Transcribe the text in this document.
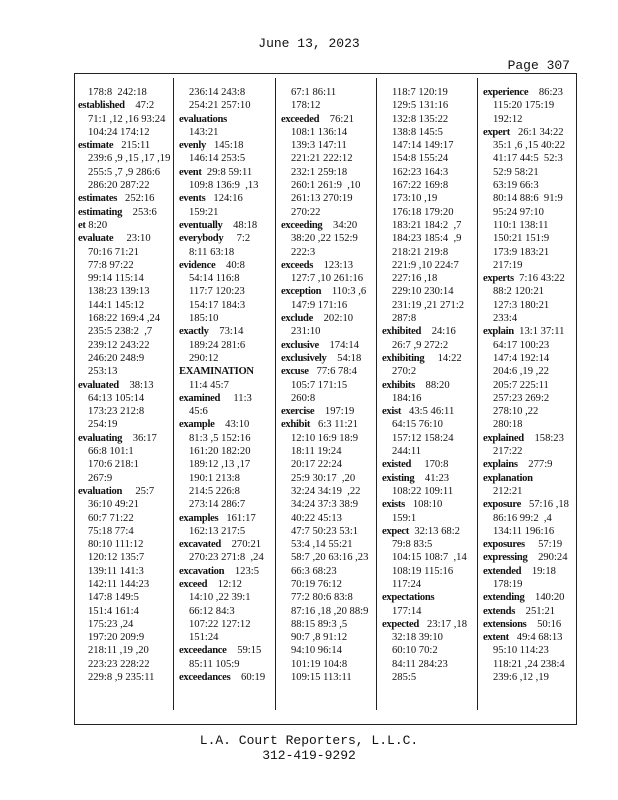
June 13, 2023
Page 307
178:8  242:18
established    47:2
71:1 ,12 ,16 93:24
104:24 174:12
estimate   215:11
239:6 ,9 ,15 ,17 ,19
255:5 ,7 ,9 286:6
286:20 287:22
estimates   252:16
estimating    253:6
et 8:20
evaluate     23:10
70:16 71:21
77:8 97:22
99:14 115:14
138:23 139:13
144:1 145:12
168:22 169:4 ,24
235:5 238:2  ,7
239:12 243:22
246:20 248:9
253:13
evaluated    38:13
64:13 105:14
173:23 212:8
254:19
evaluating    36:17
66:8 101:1
170:6 218:1
267:9
evaluation     25:7
36:10 49:21
60:7 71:22
75:18 77:4
80:10 111:12
120:12 135:7
139:11 141:3
142:11 144:23
147:8 149:5
151:4 161:4
175:23 ,24
197:20 209:9
218:11 ,19 ,20
223:23 228:22
229:8 ,9 235:11
236:14 243:8
254:21 257:10
evaluations
143:21
evenly   145:18
146:14 253:5
event  29:8 59:11
109:8 136:9  ,13
events   124:16
159:21
eventually    48:18
everybody     7:2
8:11 63:18
evidence    40:8
54:14 116:8
117:7 120:23
154:17 184:3
185:10
exactly    73:14
189:24 281:6
290:12
EXAMINATION
11:4 45:7
examined     11:3
45:6
example    43:10
81:3 ,5 152:16
161:20 182:20
189:12 ,13 ,17
190:1 213:8
214:5 226:8
273:14 286:7
examples   161:17
162:13 217:5
excavated    270:21
270:23 271:8  ,24
excavation    123:5
exceed    12:12
14:10 ,22 39:1
66:12 84:3
107:22 127:12
151:24
exceedance    59:15
85:11 105:9
exceedances    60:19
67:1 86:11
178:12
exceeded    76:21
108:1 136:14
139:3 147:11
221:21 222:12
232:1 259:18
260:1 261:9  ,10
261:13 270:19
270:22
exceeding    34:20
38:20 ,22 152:9
222:3
exceeds    123:13
127:7 ,10 261:16
exception    110:3 ,6
147:9 171:16
exclude    202:10
231:10
exclusive    174:14
exclusively    54:18
excuse   77:6 78:4
105:7 171:15
260:8
exercise    197:19
exhibit   6:3 11:21
12:10 16:9 18:9
18:11 19:24
20:17 22:24
25:9 30:17  ,20
32:24 34:19  ,22
34:24 37:3 38:9
40:22 45:13
47:7 50:23 53:1
53:4 ,14 55:21
58:7 ,20 63:16 ,23
66:3 68:23
70:19 76:12
77:2 80:6 83:8
87:16 ,18 ,20 88:9
88:15 89:3 ,5
90:7 ,8 91:12
94:10 96:14
101:19 104:8
109:15 113:11
118:7 120:19
129:5 131:16
132:8 135:22
138:8 145:5
147:14 149:17
154:8 155:24
162:23 164:3
167:22 169:8
173:10 ,19
176:18 179:20
183:21 184:2  ,7
184:23 185:4  ,9
218:21 219:8
221:9 ,10 224:7
227:16 ,18
229:10 230:14
231:19 ,21 271:2
287:8
exhibited    24:16
26:7 ,9 272:2
exhibiting     14:22
270:2
exhibits    88:20
184:16
exist   43:5 46:11
64:15 76:10
157:12 158:24
244:11
existed     170:8
existing    41:23
108:22 109:11
exists   108:10
159:1
expect  32:13 68:2
79:8 83:5
104:15 108:7  ,14
108:19 115:16
117:24
expectations
177:14
expected   23:17 ,18
32:18 39:10
60:10 70:2
84:11 284:23
285:5
experience    86:23
115:20 175:19
192:12
expert   26:1 34:22
35:1 ,6 ,15 40:22
41:17 44:5  52:3
52:9 58:21
63:19 66:3
80:14 88:6  91:9
95:24 97:10
110:1 138:11
150:21 151:9
173:9 183:21
217:19
experts  7:16 43:22
88:2 120:21
127:3 180:21
233:4
explain  13:1 37:11
64:17 100:23
147:4 192:14
204:6 ,19 ,22
205:7 225:11
257:23 269:2
278:10 ,22
280:18
explained    158:23
217:22
explains    277:9
explanation
212:21
exposure   57:16 ,18
86:16 99:2  ,4
134:11 196:16
exposures     57:19
expressing    290:24
extended    19:18
178:19
extending    140:20
extends    251:21
extensions    50:16
extent   49:4 68:13
95:10 114:23
118:21 ,24 238:4
239:6 ,12 ,19
L.A. Court Reporters, L.L.C.
312-419-9292
